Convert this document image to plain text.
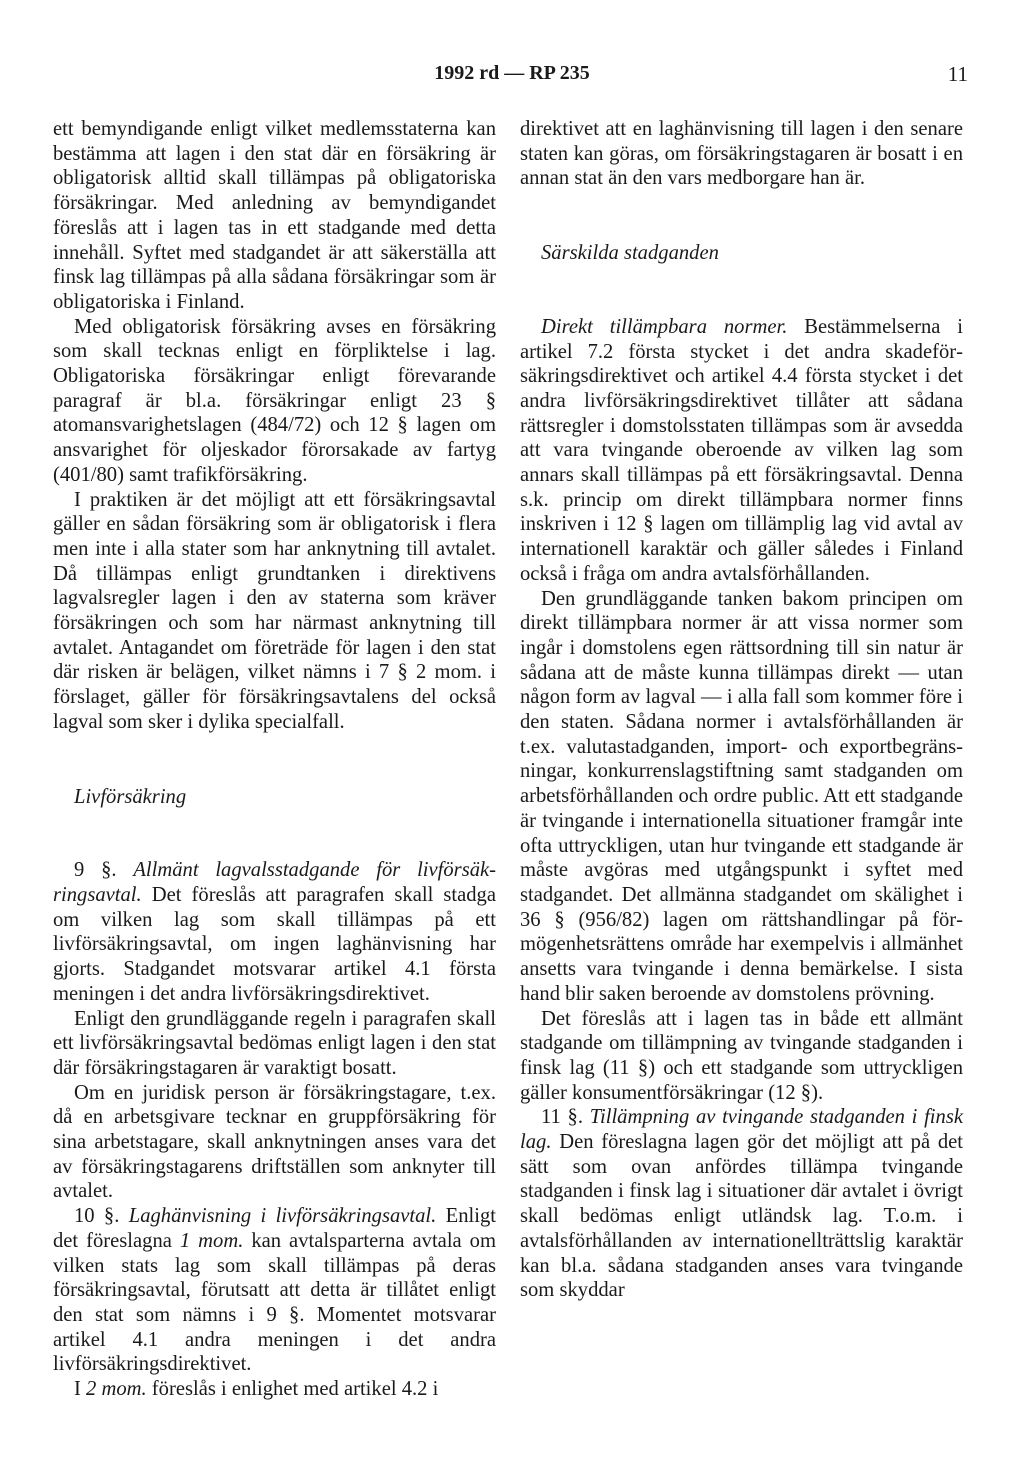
1992 rd — RP 235	11

ett bemyndigande enligt vilket medlemsstaterna kan bestämma att lagen i den stat där en försäkring är obligatorisk alltid skall tillämpas på obligatoriska försäkringar. Med anledning av bemyndigandet föreslås att i lagen tas in ett stadgande med detta innehåll. Syftet med stadgandet är att säkerställa att finsk lag tillämpas på alla sådana försäkringar som är obligatoriska i Finland.

Med obligatorisk försäkring avses en försäkring som skall tecknas enligt en förpliktelse i lag. Obligatoriska försäkringar enligt förevarande paragraf är bl.a. försäkringar enligt 23 § atomansvarighetslagen (484/72) och 12 § lagen om ansvarighet för oljeskador förorsakade av fartyg (401/80) samt trafikförsäkring.

I praktiken är det möjligt att ett försäkringsavtal gäller en sådan försäkring som är obligatorisk i flera men inte i alla stater som har anknytning till avtalet. Då tillämpas enligt grundtanken i direktivens lagvalsregler lagen i den av staterna som kräver försäkringen och som har närmast anknytning till avtalet. Antagandet om företräde för lagen i den stat där risken är belägen, vilket nämns i 7 § 2 mom. i förslaget, gäller för försäkringsavtalens del också lagval som sker i dylika specialfall.

Livförsäkring

9 §. Allmänt lagvalsstadgande för livförsäkringsavtal. Det föreslås att paragrafen skall stadga om vilken lag som skall tillämpas på ett livförsäkringsavtal, om ingen laghänvisning har gjorts. Stadgandet motsvarar artikel 4.1 första meningen i det andra livförsäkringsdirektivet.

Enligt den grundläggande regeln i paragrafen skall ett livförsäkringsavtal bedömas enligt lagen i den stat där försäkringstagaren är varaktigt bosatt.

Om en juridisk person är försäkringstagare, t.ex. då en arbetsgivare tecknar en gruppförsäkring för sina arbetstagare, skall anknytningen anses vara det av försäkringstagarens driftställen som anknyter till avtalet.

10 §. Laghänvisning i livförsäkringsavtal. Enligt det föreslagna 1 mom. kan avtalsparterna avtala om vilken stats lag som skall tillämpas på deras försäkringsavtal, förutsatt att detta är tillåtet enligt den stat som nämns i 9 §. Momentet motsvarar artikel 4.1 andra meningen i det andra livförsäkringsdirektivet.

I 2 mom. föreslås i enlighet med artikel 4.2 i

direktivet att en laghänvisning till lagen i den senare staten kan göras, om försäkringstagaren är bosatt i en annan stat än den vars medborgare han är.

Särskilda stadganden

Direkt tillämpbara normer. Bestämmelserna i artikel 7.2 första stycket i det andra skadeförsäkringsdirektivet och artikel 4.4 första stycket i det andra livförsäkringsdirektivet tillåter att sådana rättsregler i domstolsstaten tillämpas som är avsedda att vara tvingande oberoende av vilken lag som annars skall tillämpas på ett försäkringsavtal. Denna s.k. princip om direkt tillämpbara normer finns inskriven i 12 § lagen om tillämplig lag vid avtal av internationell karaktär och gäller således i Finland också i fråga om andra avtalsförhållanden.

Den grundläggande tanken bakom principen om direkt tillämpbara normer är att vissa normer som ingår i domstolens egen rättsordning till sin natur är sådana att de måste kunna tillämpas direkt — utan någon form av lagval — i alla fall som kommer före i den staten. Sådana normer i avtalsförhållanden är t.ex. valutastadganden, import- och exportbegränsningar, konkurrenslagstiftning samt stadganden om arbetsförhållanden och ordre public. Att ett stadgande är tvingande i internationella situationer framgår inte ofta uttryckligen, utan hur tvingande ett stadgande är måste avgöras med utgångspunkt i syftet med stadgandet. Det allmänna stadgandet om skälighet i 36 § (956/82) lagen om rättshandlingar på förmögenhetsrättens område har exempelvis i allmänhet ansetts vara tvingande i denna bemärkelse. I sista hand blir saken beroende av domstolens prövning.

Det föreslås att i lagen tas in både ett allmänt stadgande om tillämpning av tvingande stadganden i finsk lag (11 §) och ett stadgande som uttryckligen gäller konsumentförsäkringar (12 §).

11 §. Tillämpning av tvingande stadganden i finsk lag. Den föreslagna lagen gör det möjligt att på det sätt som ovan anfördes tillämpa tvingande stadganden i finsk lag i situationer där avtalet i övrigt skall bedömas enligt utländsk lag. T.o.m. i avtalsförhållanden av internationellträttslig karaktär kan bl.a. sådana stadganden anses vara tvingande som skyddar
